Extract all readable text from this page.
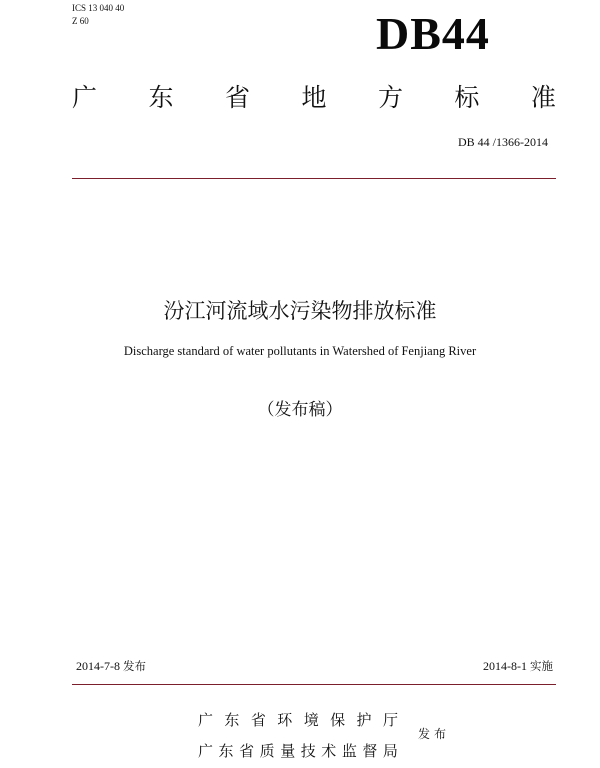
ICS 13 040 40
Z 60	DB44
广 东 省 地 方 标 准
DB 44 /1366-2014
汾江河流域水污染物排放标准
Discharge standard of water pollutants in Watershed of Fenjiang River
（发布稿）
2014-7-8 发布	2014-8-1 实施
广 东 省 环 境 保 护 厅
广 东 省 质 量 技 术 监 督 局
发布
